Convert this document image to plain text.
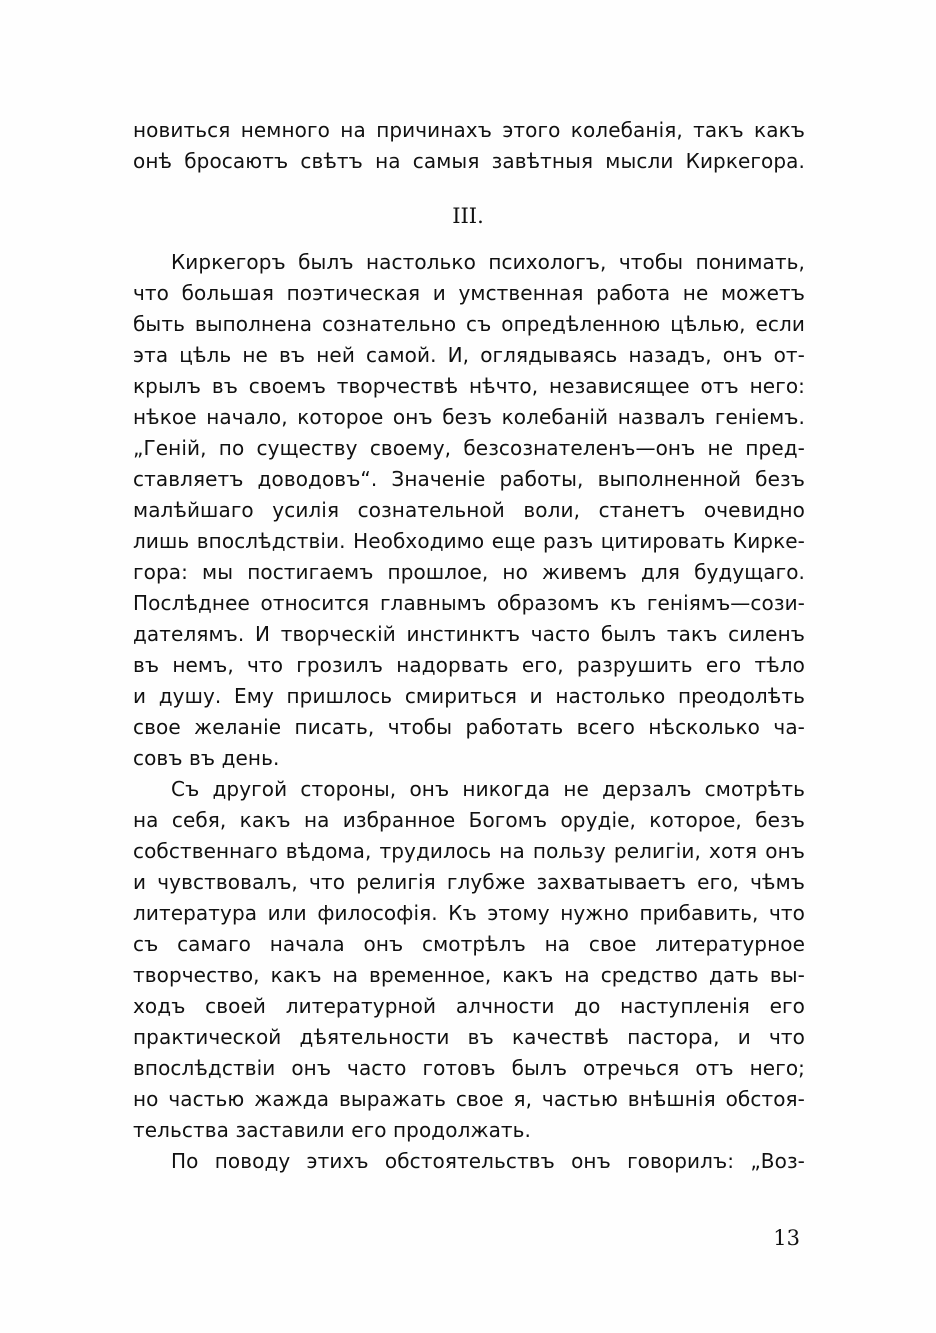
новиться немного на причинахъ этого колебанія, такъ какъ
онѣ бросаютъ свѣтъ на самыя завѣтныя мысли Киркегора.
III.
Киркегоръ былъ настолько психологъ, чтобы понимать,
что большая поэтическая и умственная работа не можетъ
быть выполнена сознательно съ опредѣленною цѣлью, если
эта цѣль не въ ней самой. И, оглядываясь назадъ, онъ от-
крылъ въ своемъ творчествѣ нѣчто, независящее отъ него:
нѣкое начало, которое онъ безъ колебаній назвалъ геніемъ.
„Геній, по существу своему, безсознателенъ—онъ не пред-
ставляетъ доводовъ“. Значеніе работы, выполненной безъ
малѣйшаго усилія сознательной воли, станетъ очевидно
лишь впослѣдствіи. Необходимо еще разъ цитировать Кирке-
гора: мы постигаемъ прошлое, но живемъ для будущаго.
Послѣднее относится главнымъ образомъ къ геніямъ—сози-
дателямъ. И творческій инстинктъ часто былъ такъ силенъ
въ немъ, что грозилъ надорвать его, разрушить его тѣло
и душу. Ему пришлось смириться и настолько преодолѣть
свое желаніе писать, чтобы работать всего нѣсколько ча-
совъ въ день.
Съ другой стороны, онъ никогда не дерзалъ смотрѣть
на себя, какъ на избранное Богомъ орудіе, которое, безъ
собственнаго вѣдома, трудилось на пользу религіи, хотя онъ
и чувствовалъ, что религія глубже захватываетъ его, чѣмъ
литература или философія. Къ этому нужно прибавить, что
съ самаго начала онъ смотрѣлъ на свое литературное
творчество, какъ на временное, какъ на средство дать вы-
ходъ своей литературной алчности до наступленія его
практической дѣятельности въ качествѣ пастора, и что
впослѣдствіи онъ часто готовъ былъ отречься отъ него;
но частью жажда выражать свое я, частью внѣшнія обстоя-
тельства заставили его продолжать.
По поводу этихъ обстоятельствъ онъ говорилъ: „Воз-
13
